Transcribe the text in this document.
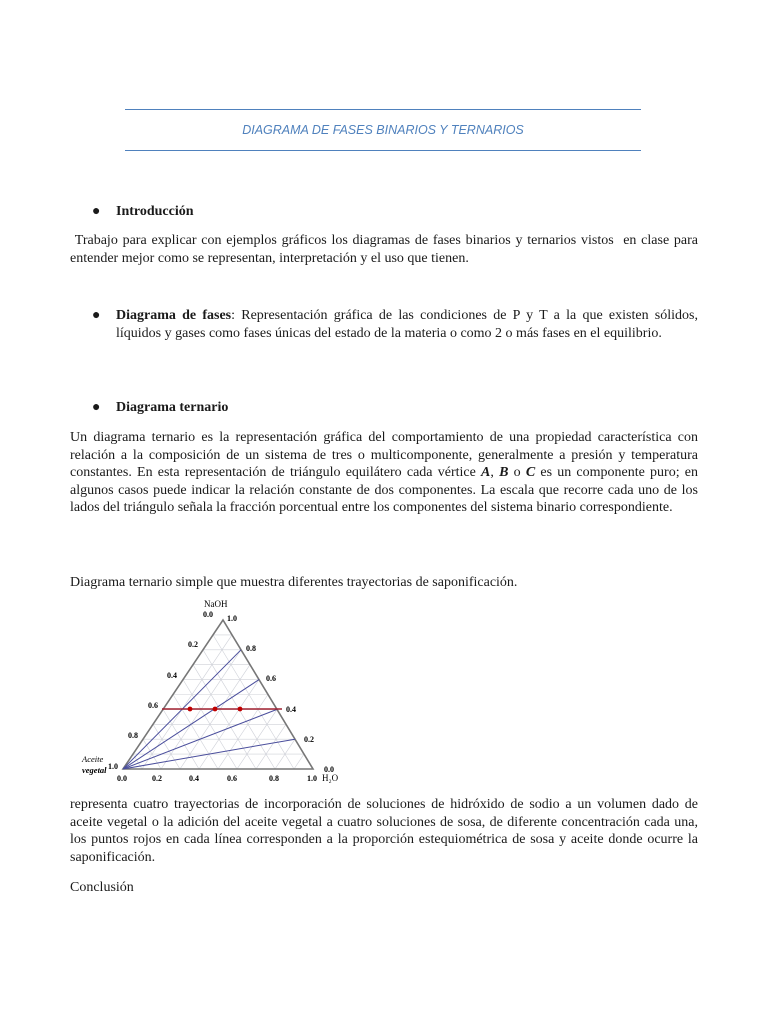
DIAGRAMA DE FASES BINARIOS Y TERNARIOS
● Introducción
Trabajo para explicar con ejemplos gráficos los diagramas de fases binarios y ternarios vistos  en clase para entender mejor como se representan, interpretación y el uso que tienen.
● Diagrama de fases: Representación gráfica de las condiciones de P y T a la que existen sólidos, líquidos y gases como fases únicas del estado de la materia o como 2 o más fases en el equilibrio.
● Diagrama ternario
Un diagrama ternario es la representación gráfica del comportamiento de una propiedad característica con relación a la composición de un sistema de tres o multicomponente, generalmente a presión y temperatura constantes. En esta representación de triángulo equilátero cada vértice A, B o C es un componente puro; en algunos casos puede indicar la relación constante de dos componentes. La escala que recorre cada uno de los lados del triángulo señala la fracción porcentual entre los componentes del sistema binario correspondiente.
Diagrama ternario simple que muestra diferentes trayectorias de saponificación.
NaOH
0.0
0.2
0.4
0.6
0.8
1.0
1.0
0.8
0.6
0.4
0.2
0.0
0.0	0.2	0.4	0.6	0.8	1.0 H₂O
Aceite
vegetal
representa cuatro trayectorias de incorporación de soluciones de hidróxido de sodio a un volumen dado de aceite vegetal o la adición del aceite vegetal a cuatro soluciones de sosa, de diferente concentración cada una, los puntos rojos en cada línea corresponden a la proporción estequiométrica de sosa y aceite donde ocurre la saponificación.
Conclusión
